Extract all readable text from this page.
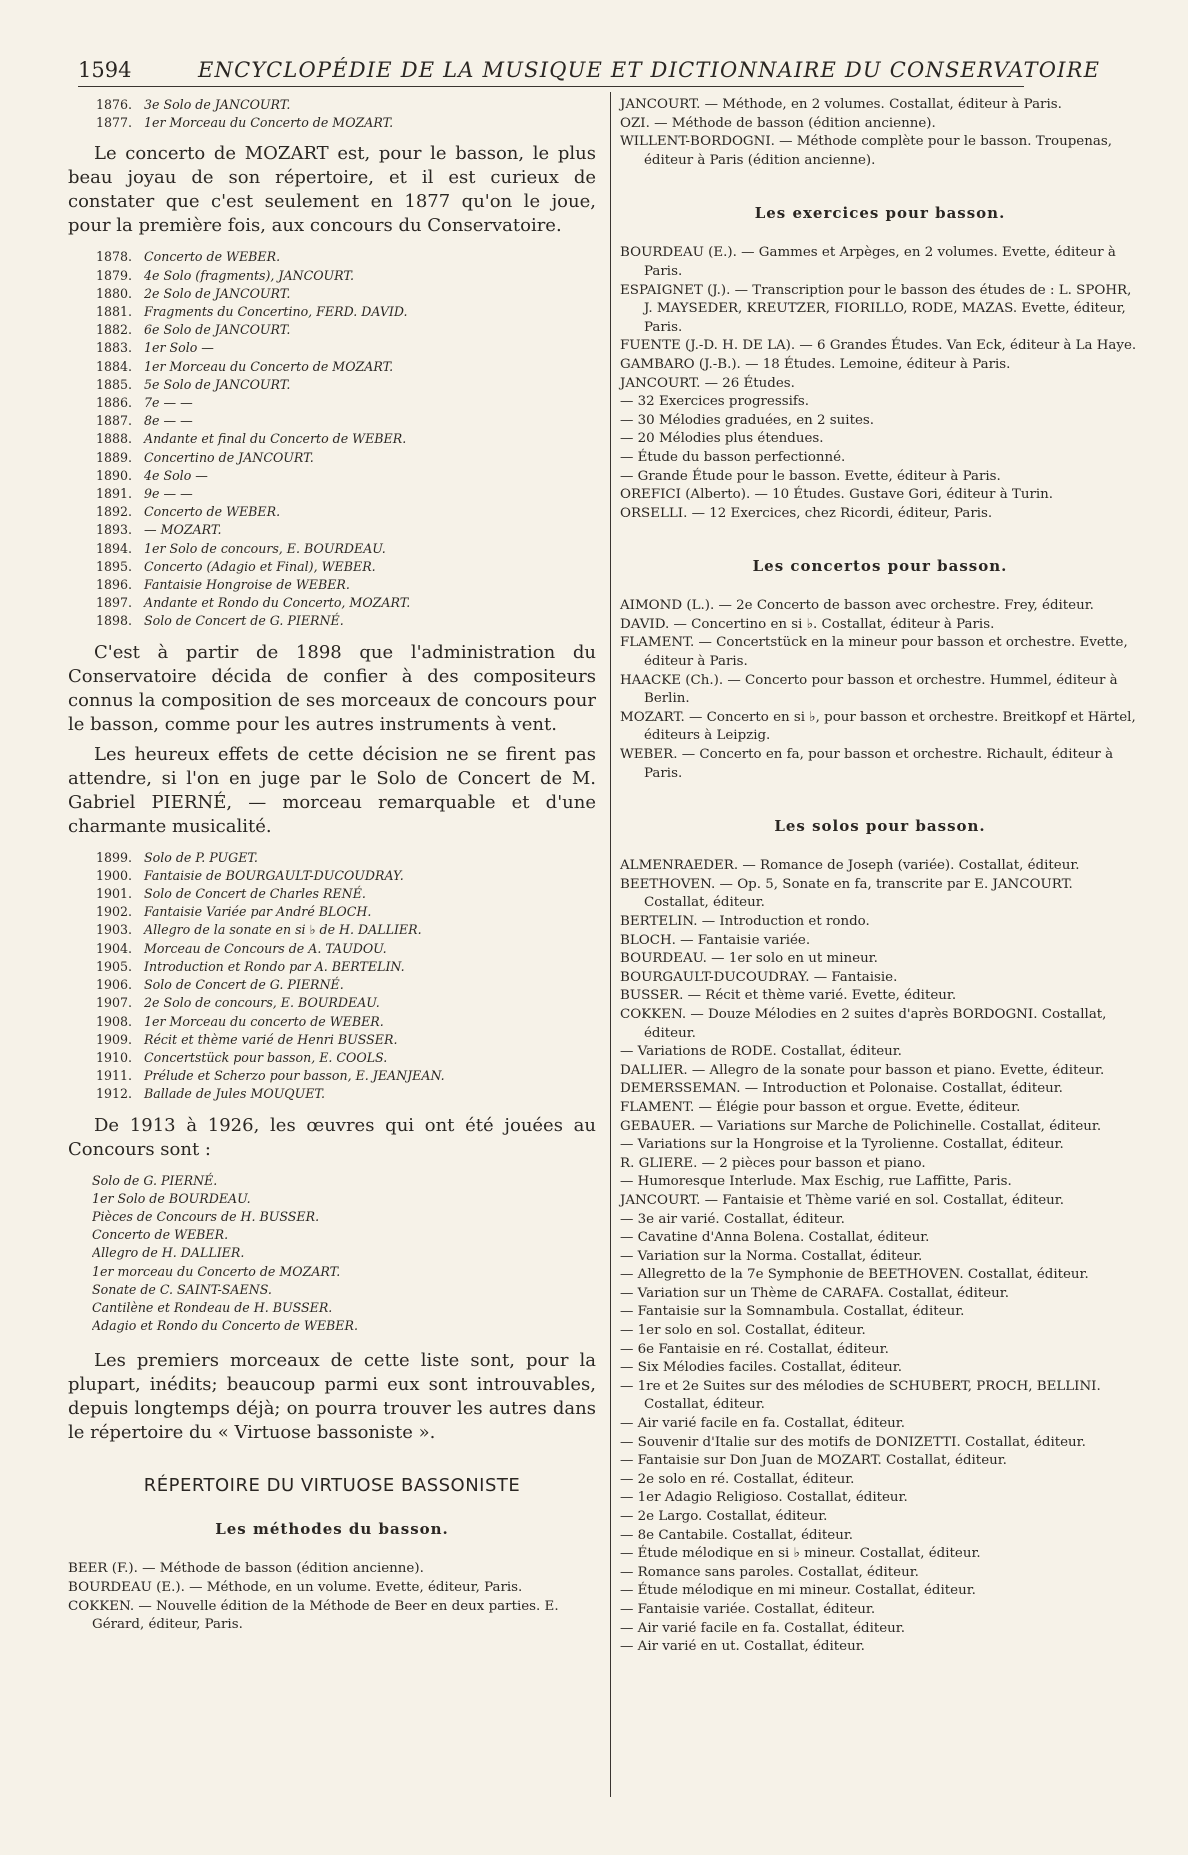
1594	ENCYCLOPÉDIE DE LA MUSIQUE ET DICTIONNAIRE DU CONSERVATOIRE
1876. 3e Solo de JANCOURT.
1877. 1er Morceau du Concerto de MOZART.

Le concerto de MOZART est, pour le basson, le plus beau joyau de son répertoire, et il est curieux de constater que c'est seulement en 1877 qu'on le joue, pour la première fois, aux concours du Conservatoire.

1878. Concerto de WEBER.
1879. 4e Solo (fragments), JANCOURT.
1880. 2e Solo de JANCOURT.
1881. Fragments du Concertino, FERD. DAVID.
1882. 6e Solo de JANCOURT.
1883. 1er Solo —
1884. 1er Morceau du Concerto de MOZART.
1885. 5e Solo de JANCOURT.
1886. 7e — —
1887. 8e — —
1888. Andante et final du Concerto de WEBER.
1889. Concertino de JANCOURT.
1890. 4e Solo —
1891. 9e — —
1892. Concerto de WEBER.
1893. — MOZART.
1894. 1er Solo de concours, E. BOURDEAU.
1895. Concerto (Adagio et Final), WEBER.
1896. Fantaisie Hongroise de WEBER.
1897. Andante et Rondo du Concerto, MOZART.
1898. Solo de Concert de G. PIERNÉ.

C'est à partir de 1898 que l'administration du Conservatoire décida de confier à des compositeurs connus la composition de ses morceaux de concours pour le basson, comme pour les autres instruments à vent.

Les heureux effets de cette décision ne se firent pas attendre, si l'on en juge par le Solo de Concert de M. Gabriel PIERNÉ, — morceau remarquable et d'une charmante musicalité.

1899. Solo de P. PUGET.
1900. Fantaisie de BOURGAULT-DUCOUDRAY.
1901. Solo de Concert de Charles RENÉ.
1902. Fantaisie Variée par André BLOCH.
1903. Allegro de la sonate en si ♭ de H. DALLIER.
1904. Morceau de Concours de A. TAUDOU.
1905. Introduction et Rondo par A. BERTELIN.
1906. Solo de Concert de G. PIERNÉ.
1907. 2e Solo de concours, E. BOURDEAU.
1908. 1er Morceau du concerto de WEBER.
1909. Récit et thème varié de Henri BUSSER.
1910. Concertstück pour basson, E. COOLS.
1911. Prélude et Scherzo pour basson, E. JEANJEAN.
1912. Ballade de Jules MOUQUET.

De 1913 à 1926, les œuvres qui ont été jouées au Concours sont :

Solo de G. PIERNÉ.
1er Solo de BOURDEAU.
Pièces de Concours de H. BUSSER.
Concerto de WEBER.
Allegro de H. DALLIER.
1er morceau du Concerto de MOZART.
Sonate de C. SAINT-SAENS.
Cantilène et Rondeau de H. BUSSER.
Adagio et Rondo du Concerto de WEBER.

Les premiers morceaux de cette liste sont, pour la plupart, inédits; beaucoup parmi eux sont introuvables, depuis longtemps déjà; on pourra trouver les autres dans le répertoire du « Virtuose bassoniste ».

RÉPERTOIRE DU VIRTUOSE BASSONISTE
Les méthodes du basson.
BEER (F.). — Méthode de basson (édition ancienne).
BOURDEAU (E.). — Méthode, en un volume. Evette, éditeur, Paris.
COKKEN. — Nouvelle édition de la Méthode de Beer en deux parties. E. Gérard, éditeur, Paris.
JANCOURT. — Méthode, en 2 volumes. Costallat, éditeur à Paris.
OZI. — Méthode de basson (édition ancienne).
WILLENT-BORDOGNI. — Méthode complète pour le basson. Troupenas, éditeur à Paris (édition ancienne).
Les exercices pour basson.
BOURDEAU (E.). — Gammes et Arpèges, en 2 volumes. Evette, éditeur à Paris.
ESPAIGNET (J.). — Transcription pour le basson des études de : L. SPOHR, J. MAYSEDER, KREUTZER, FIORILLO, RODE, MAZAS. Evette, éditeur, Paris.
FUENTE (J.-D. H. DE LA). — 6 Grandes Études. Van Eck, éditeur à La Haye.
GAMBARO (J.-B.). — 18 Études. Lemoine, éditeur à Paris.
JANCOURT. — 26 Études.
— 32 Exercices progressifs.
— 30 Mélodies graduées, en 2 suites.
— 20 Mélodies plus étendues.
— Étude du basson perfectionné.
— Grande Étude pour le basson. Evette, éditeur à Paris.
OREFICI (Alberto). — 10 Études. Gustave Gori, éditeur à Turin.
ORSELLI. — 12 Exercices, chez Ricordi, éditeur, Paris.
Les concertos pour basson.
AIMOND (L.). — 2e Concerto de basson avec orchestre. Frey, éditeur.
DAVID. — Concertino en si ♭. Costallat, éditeur à Paris.
FLAMENT. — Concertstück en la mineur pour basson et orchestre. Evette, éditeur à Paris.
HAACKE (Ch.). — Concerto pour basson et orchestre. Hummel, éditeur à Berlin.
MOZART. — Concerto en si ♭, pour basson et orchestre. Breitkopf et Härtel, éditeurs à Leipzig.
WEBER. — Concerto en fa, pour basson et orchestre. Richault, éditeur à Paris.
Les solos pour basson.
ALMENRAEDER. — Romance de Joseph (variée). Costallat, éditeur.
BEETHOVEN. — Op. 5, Sonate en fa, transcrite par E. JANCOURT. Costallat, éditeur.
BERTELIN. — Introduction et rondo.
BLOCH. — Fantaisie variée.
BOURDEAU. — 1er solo en ut mineur.
BOURGAULT-DUCOUDRAY. — Fantaisie.
BUSSER. — Récit et thème varié. Evette, éditeur.
COKKEN. — Douze Mélodies en 2 suites d'après BORDOGNI. Costallat, éditeur.
— Variations de RODE. Costallat, éditeur.
DALLIER. — Allegro de la sonate pour basson et piano. Evette, éditeur.
DEMERSSEMAN. — Introduction et Polonaise. Costallat, éditeur.
FLAMENT. — Élégie pour basson et orgue. Evette, éditeur.
GEBAUER. — Variations sur Marche de Polichinelle. Costallat, éditeur.
— Variations sur la Hongroise et la Tyrolienne. Costallat, éditeur.
R. GLIERE. — 2 pièces pour basson et piano.
— Humoresque Interlude. Max Eschig, rue Laffitte, Paris.
JANCOURT. — Fantaisie et Thème varié en sol. Costallat, éditeur.
— 3e air varié. Costallat, éditeur.
— Cavatine d'Anna Bolena. Costallat, éditeur.
— Variation sur la Norma. Costallat, éditeur.
— Allegretto de la 7e Symphonie de BEETHOVEN. Costallat, éditeur.
— Variation sur un Thème de CARAFA. Costallat, éditeur.
— Fantaisie sur la Somnambula. Costallat, éditeur.
— 1er solo en sol. Costallat, éditeur.
— 6e Fantaisie en ré. Costallat, éditeur.
— Six Mélodies faciles. Costallat, éditeur.
— 1re et 2e Suites sur des mélodies de SCHUBERT, PROCH, BELLINI. Costallat, éditeur.
— Air varié facile en fa. Costallat, éditeur.
— Souvenir d'Italie sur des motifs de DONIZETTI. Costallat, éditeur.
— Fantaisie sur Don Juan de MOZART. Costallat, éditeur.
— 2e solo en ré. Costallat, éditeur.
— 1er Adagio Religioso. Costallat, éditeur.
— 2e Largo. Costallat, éditeur.
— 8e Cantabile. Costallat, éditeur.
— Étude mélodique en si ♭ mineur. Costallat, éditeur.
— Romance sans paroles. Costallat, éditeur.
— Étude mélodique en mi mineur. Costallat, éditeur.
— Fantaisie variée. Costallat, éditeur.
— Air varié facile en fa. Costallat, éditeur.
— Air varié en ut. Costallat, éditeur.
